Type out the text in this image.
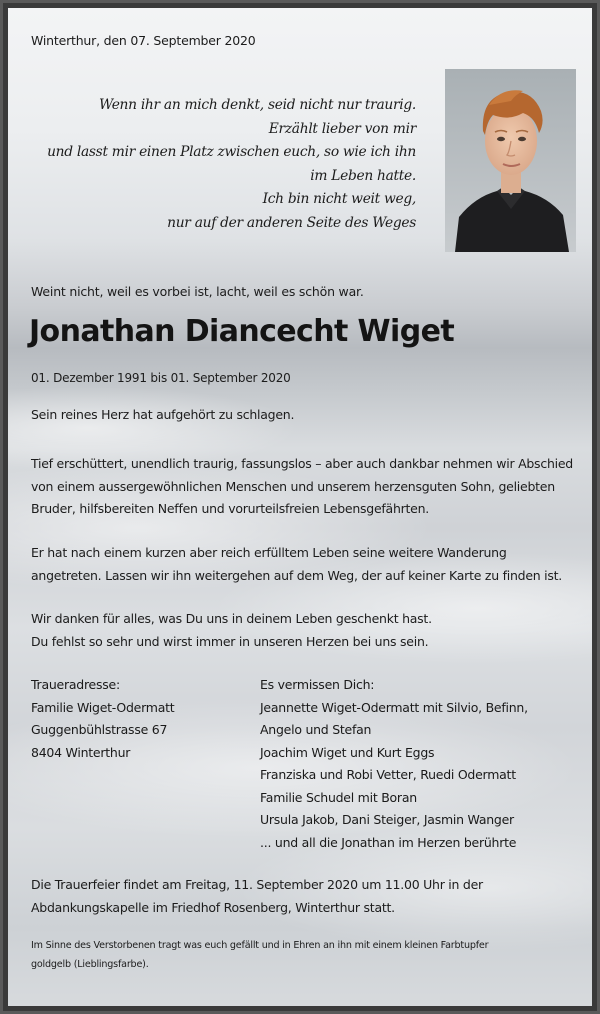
Winterthur, den 07. September 2020
Wenn ihr an mich denkt, seid nicht nur traurig.
Erzählt lieber von mir
und lasst mir einen Platz zwischen euch, so wie ich ihn
im Leben hatte.
Ich bin nicht weit weg,
nur auf der anderen Seite des Weges
Weint nicht, weil es vorbei ist, lacht, weil es schön war.
Jonathan Diancecht Wiget
01. Dezember 1991 bis 01. September 2020
Sein reines Herz hat aufgehört zu schlagen.
Tief erschüttert, unendlich traurig, fassungslos – aber auch dankbar nehmen wir Abschied
von einem aussergewöhnlichen Menschen und unserem herzensguten Sohn, geliebten
Bruder, hilfsbereiten Neffen und vorurteilsfreien Lebensgefährten.
Er hat nach einem kurzen aber reich erfülltem Leben seine weitere Wanderung
angetreten. Lassen wir ihn weitergehen auf dem Weg, der auf keiner Karte zu finden ist.
Wir danken für alles, was Du uns in deinem Leben geschenkt hast.
Du fehlst so sehr und wirst immer in unseren Herzen bei uns sein.
Traueradresse:
Familie Wiget-Odermatt
Guggenbühlstrasse 67
8404 Winterthur
Es vermissen Dich:
Jeannette Wiget-Odermatt mit Silvio, Befinn,
Angelo und Stefan
Joachim Wiget und Kurt Eggs
Franziska und Robi Vetter, Ruedi Odermatt
Familie Schudel mit Boran
Ursula Jakob, Dani Steiger, Jasmin Wanger
... und all die Jonathan im Herzen berührte
Die Trauerfeier findet am Freitag, 11. September 2020 um 11.00 Uhr in der
Abdankungskapelle im Friedhof Rosenberg, Winterthur statt.
Im Sinne des Verstorbenen tragt was euch gefällt und in Ehren an ihn mit einem kleinen Farbtupfer
goldgelb (Lieblingsfarbe).
